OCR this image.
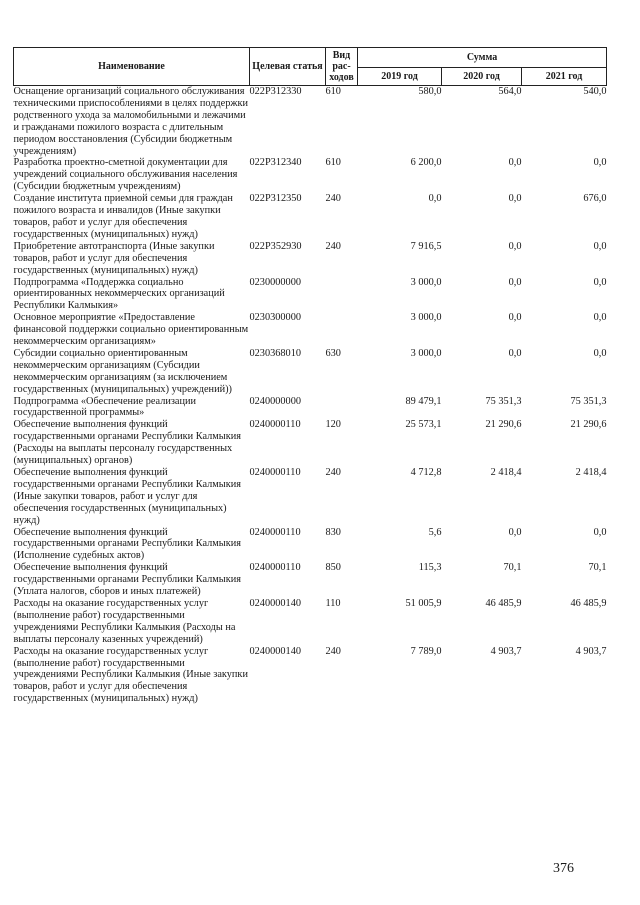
Наименование	Целевая статья	Вид рас-ходов	Сумма		
			2019 год	2020 год	2021 год
Оснащение организаций социального обслуживания техническими приспособлениями в целях поддержки родственного ухода за маломобильными и лежачими и гражданами пожилого возраста с длительным периодом восстановления (Субсидии бюджетным учреждениям)	022P312330	610	580,0	564,0	540,0
Разработка проектно-сметной документации для учреждений социального обслуживания населения (Субсидии бюджетным учреждениям)	022P312340	610	6 200,0	0,0	0,0
Создание института приемной семьи для граждан пожилого возраста и инвалидов (Иные закупки товаров, работ и услуг для обеспечения государственных (муниципальных) нужд)	022P312350	240	0,0	0,0	676,0
Приобретение автотранспорта (Иные закупки товаров, работ и услуг для обеспечения государственных (муниципальных) нужд)	022P352930	240	7 916,5	0,0	0,0
Подпрограмма «Поддержка социально ориентированных некоммерческих организаций Республики Калмыкия»	0230000000		3 000,0	0,0	0,0
Основное мероприятие «Предоставление финансовой поддержки социально ориентированным некоммерческим организациям»	0230300000		3 000,0	0,0	0,0
Субсидии социально ориентированным некоммерческим организациям (Субсидии некоммерческим организациям (за исключением государственных (муниципальных) учреждений))	0230368010	630	3 000,0	0,0	0,0
Подпрограмма «Обеспечение реализации государственной программы»	0240000000		89 479,1	75 351,3	75 351,3
Обеспечение выполнения функций государственными органами Республики Калмыкия (Расходы на выплаты персоналу государственных (муниципальных) органов)	0240000110	120	25 573,1	21 290,6	21 290,6
Обеспечение выполнения функций государственными органами Республики Калмыкия (Иные закупки товаров, работ и услуг для обеспечения государственных (муниципальных) нужд)	0240000110	240	4 712,8	2 418,4	2 418,4
Обеспечение выполнения функций государственными органами Республики Калмыкия (Исполнение судебных актов)	0240000110	830	5,6	0,0	0,0
Обеспечение выполнения функций государственными органами Республики Калмыкия (Уплата налогов, сборов и иных платежей)	0240000110	850	115,3	70,1	70,1
Расходы на оказание государственных услуг (выполнение работ) государственными учреждениями Республики Калмыкия (Расходы на выплаты персоналу казенных учреждений)	0240000140	110	51 005,9	46 485,9	46 485,9
Расходы на оказание государственных услуг (выполнение работ) государственными учреждениями Республики Калмыкия (Иные закупки товаров, работ и услуг для обеспечения государственных (муниципальных) нужд)	0240000140	240	7 789,0	4 903,7	4 903,7
376
